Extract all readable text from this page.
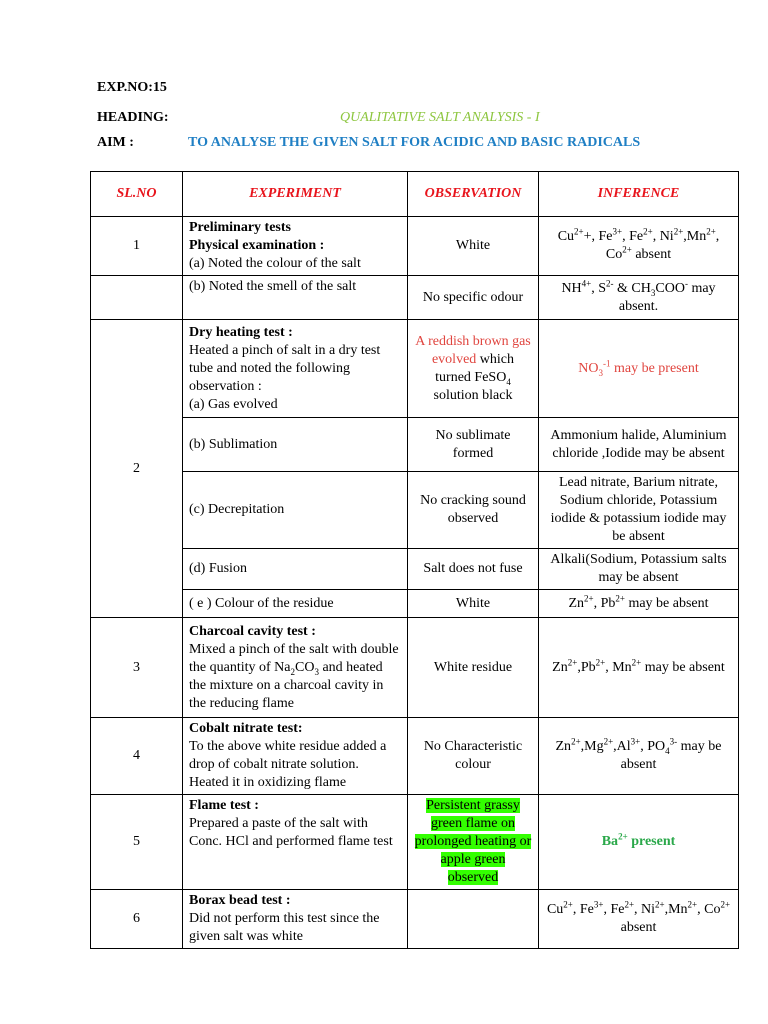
EXP.NO:15
HEADING:	QUALITATIVE SALT ANALYSIS - I
AIM :	TO ANALYSE THE GIVEN SALT FOR ACIDIC AND BASIC RADICALS
SL.NO	EXPERIMENT	OBSERVATION	INFERENCE
1	Preliminary tests
Physical examination :
(a) Noted the colour of the salt	White	$Cu^{2+}+$, $Fe^{3+}$, $Fe^{2+}$, $Ni^{2+},Mn^{2+}$, $Co^{2+}$ absent
	(b) Noted the smell of the salt	No specific odour	$NH^{4+}$, $S^{2-}$ & $CH_3COO^-$ may absent.
2	Dry heating test :
Heated a pinch of salt in a dry test tube and noted the following observation :
(a) Gas evolved	A reddish brown gas evolved which turned FeSO$_4$ solution black	$NO_3^{-1}$ may be present
	(b) Sublimation	No sublimate formed	Ammonium halide, Aluminium chloride ,Iodide may be absent
	(c) Decrepitation	No cracking sound observed	Lead nitrate, Barium nitrate, Sodium chloride, Potassium iodide & potassium iodide may be absent
	(d) Fusion	Salt does not fuse	Alkali(Sodium, Potassium salts may be absent
	( e ) Colour of the residue	White	$Zn^{2+}$, $Pb^{2+}$ may be absent
3	Charcoal cavity test :
Mixed a pinch of the salt with double the quantity of $Na_2CO_3$ and heated the mixture on a charcoal cavity in the reducing flame	White residue	$Zn^{2+},Pb^{2+}$, $Mn^{2+}$ may be absent
4	Cobalt nitrate test:
To the above white residue added a drop of cobalt nitrate solution. Heated it in oxidizing flame	No Characteristic colour	$Zn^{2+},Mg^{2+},Al^{3+}$, $PO_4^{3-}$ may be absent
5	Flame test :
Prepared a paste of the salt with Conc. HCl and performed flame test	Persistent grassy green flame on prolonged heating or apple green observed	$Ba^{2+}$ present
6	Borax bead test :
Did not perform this test since the given salt was white		$Cu^{2+}$, $Fe^{3+}$, $Fe^{2+}$, $Ni^{2+},Mn^{2+}$, $Co^{2+}$ absent
